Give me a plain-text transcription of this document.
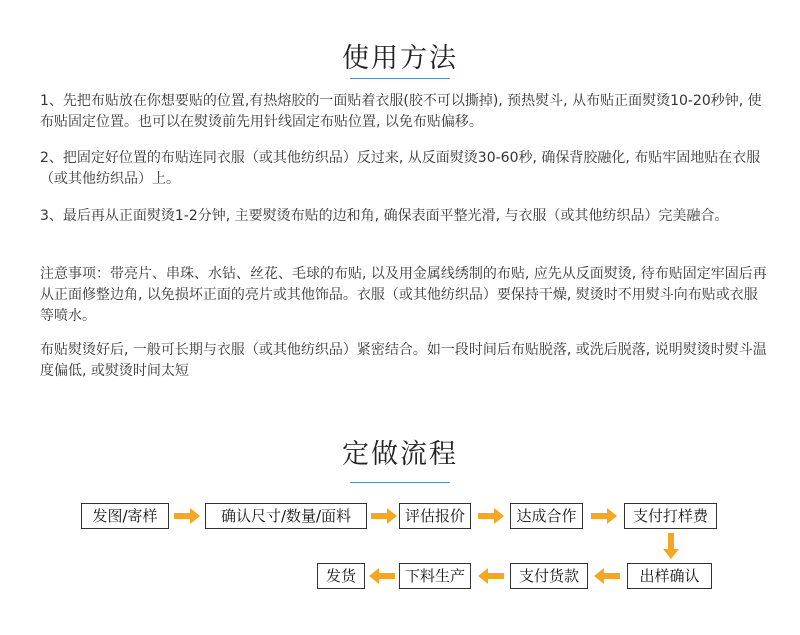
使用方法

1、先把布贴放在你想要贴的位置,有热熔胶的一面贴着衣服(胶不可以撕掉), 预热熨斗, 从布贴正面熨烫10-20秒钟, 使布贴固定位置。也可以在熨烫前先用针线固定布贴位置, 以免布贴偏移。

2、把固定好位置的布贴连同衣服（或其他纺织品）反过来, 从反面熨烫30-60秒, 确保背胶融化, 布贴牢固地贴在衣服（或其他纺织品）上。

3、最后再从正面熨烫1-2分钟, 主要熨烫布贴的边和角, 确保表面平整光滑, 与衣服（或其他纺织品）完美融合。

注意事项：带亮片、串珠、水钻、丝花、毛球的布贴, 以及用金属线绣制的布贴, 应先从反面熨烫, 待布贴固定牢固后再从正面修整边角, 以免损坏正面的亮片或其他饰品。衣服（或其他纺织品）要保持干燥, 熨烫时不用熨斗向布贴或衣服等喷水。

布贴熨烫好后, 一般可长期与衣服（或其他纺织品）紧密结合。如一段时间后布贴脱落, 或洗后脱落, 说明熨烫时熨斗温度偏低, 或熨烫时间太短

定做流程
发图/寄样	确认尺寸/数量/面料	评估报价	达成合作	支付打样费
发货	下料生产	支付货款	出样确认
